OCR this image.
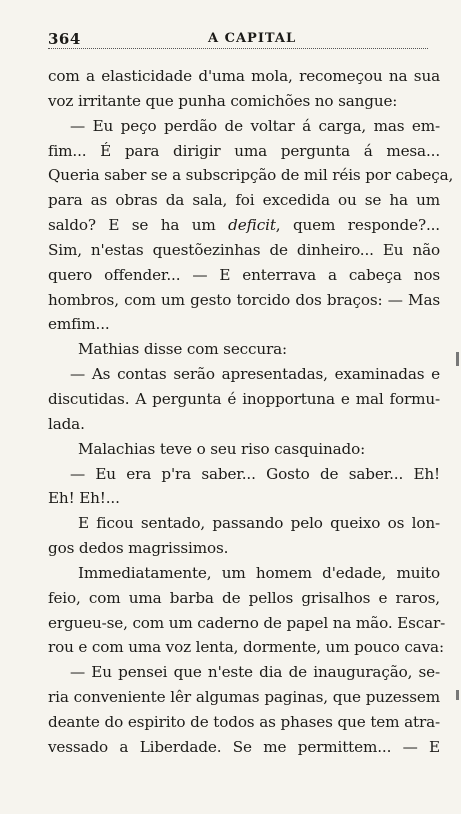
364	A CAPITAL
com a elasticidade d'uma mola, recomeçou na sua
voz irritante que punha comichões no sangue:
— Eu peço perdão de voltar á carga, mas em-
fim... É para dirigir uma pergunta á mesa...
Queria saber se a subscripção de mil réis por cabeça,
para as obras da sala, foi excedida ou se ha um
saldo? E se ha um deficit, quem responde?...
Sim, n'estas questõezinhas de dinheiro... Eu não
quero offender... — E enterrava a cabeça nos
hombros, com um gesto torcido dos braços: — Mas
emfim...
Mathias disse com seccura:
— As contas serão apresentadas, examinadas e
discutidas. A pergunta é inopportuna e mal formu-
lada.
Malachias teve o seu riso casquinado:
— Eu era p'ra saber... Gosto de saber... Eh!
Eh! Eh!...
E ficou sentado, passando pelo queixo os lon-
gos dedos magrissimos.
Immediatamente, um homem d'edade, muito
feio, com uma barba de pellos grisalhos e raros,
ergueu-se, com um caderno de papel na mão. Escar-
rou e com uma voz lenta, dormente, um pouco cava:
— Eu pensei que n'este dia de inauguração, se-
ria conveniente lêr algumas paginas, que puzessem
deante do espirito de todos as phases que tem atra-
vessado a Liberdade. Se me permittem... — E
